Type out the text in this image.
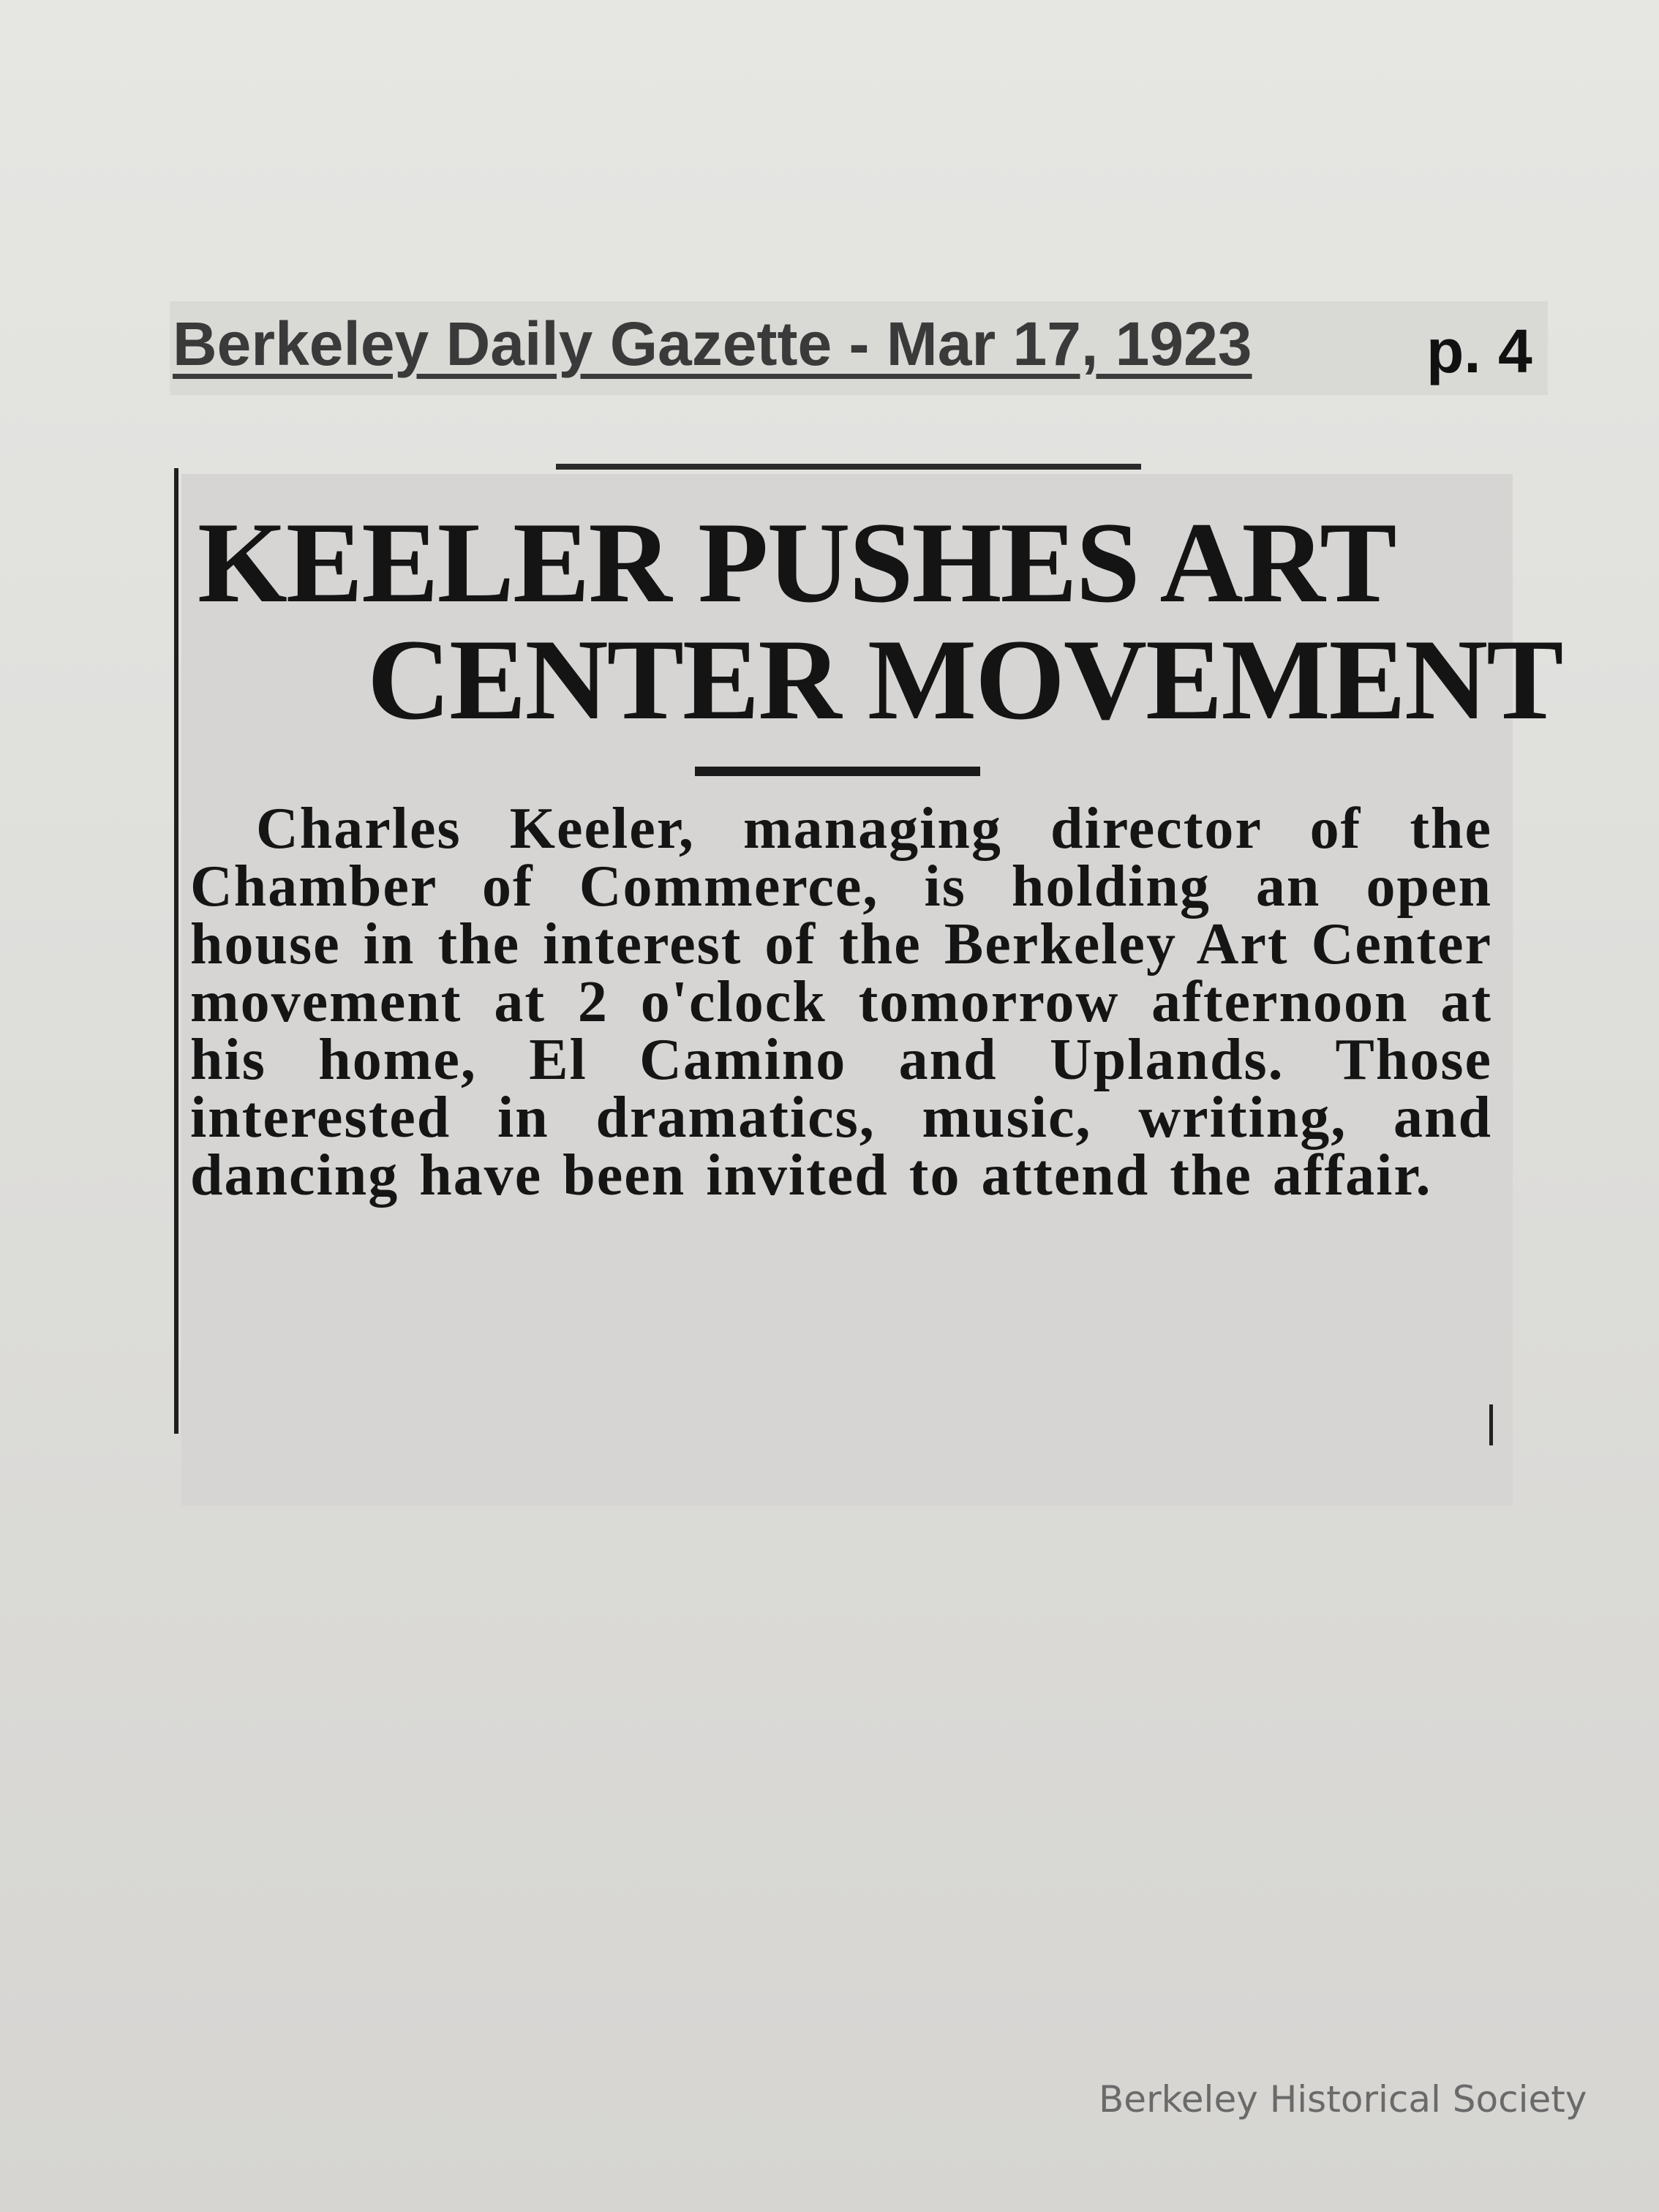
Berkeley Daily Gazette - Mar 17, 1923	p. 4
KEELER PUSHES ART
CENTER MOVEMENT
Charles Keeler, managing director of the Chamber of Commerce, is holding an open house in the interest of the Berkeley Art Center movement at 2 o'clock tomorrow afternoon at his home, El Camino and Uplands. Those interested in dramatics, music, writing, and dancing have been invited to attend the affair.
Berkeley Historical Society
